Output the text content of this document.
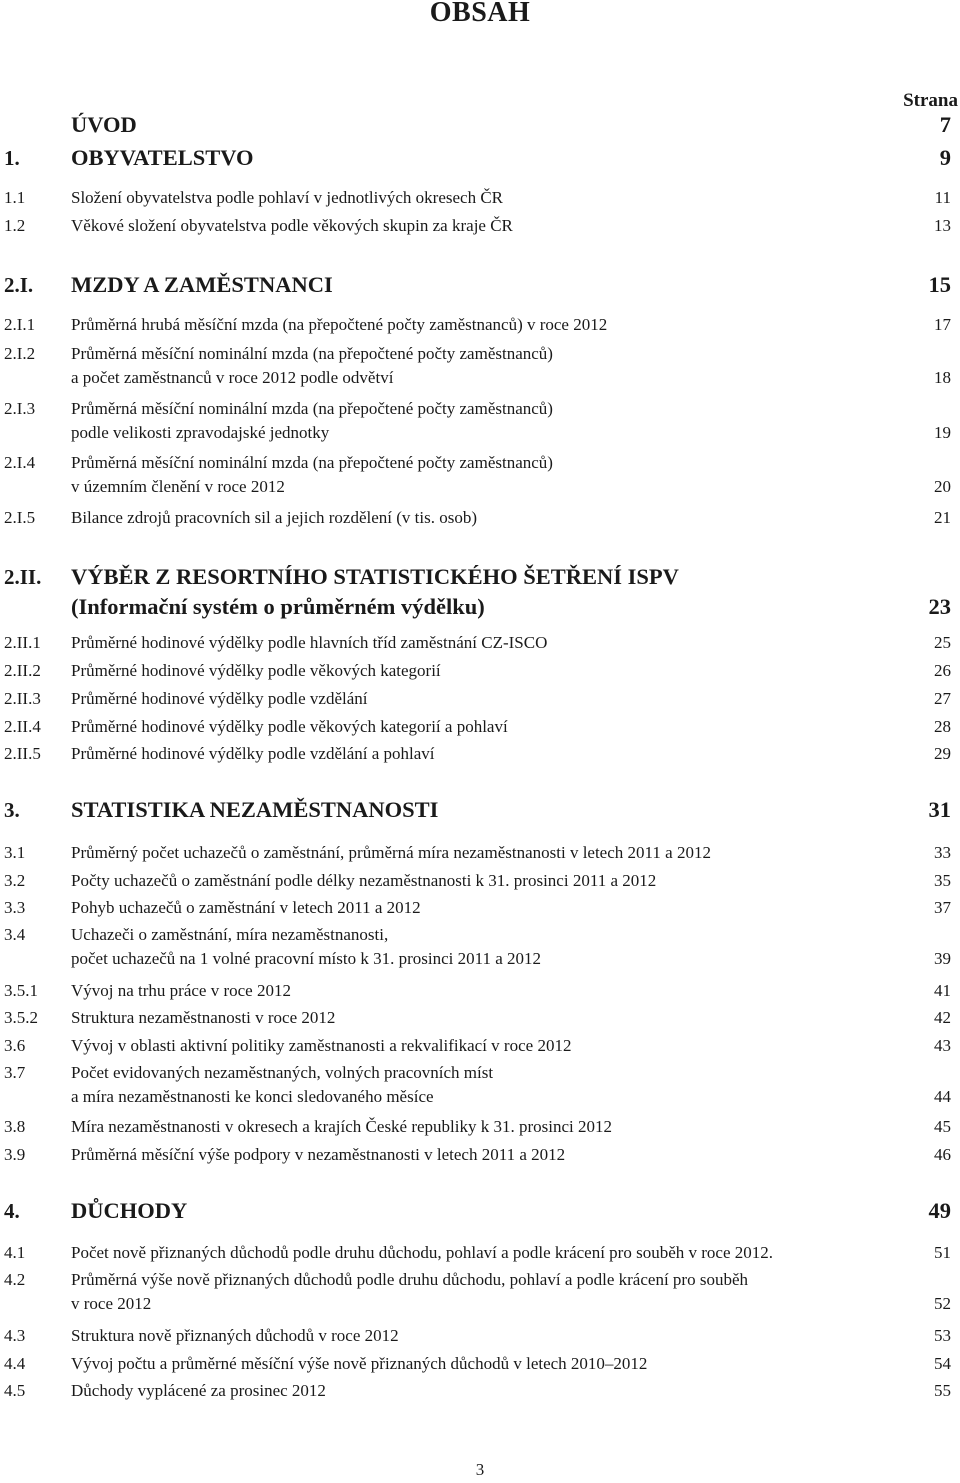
OBSAH
Strana
ÚVOD	7
1. OBYVATELSTVO	9
1.1	Složení obyvatelstva podle pohlaví v jednotlivých okresech ČR	11
1.2	Věkové složení obyvatelstva podle věkových skupin za kraje ČR	13
2.I. MZDY A ZAMĚSTNANCI	15
2.I.1 Průměrná hrubá měsíční mzda (na přepočtené počty zaměstnanců) v roce 2012	17
2.I.2 Průměrná měsíční nominální mzda (na přepočtené počty zaměstnanců)
a počet zaměstnanců v roce 2012 podle odvětví	18
2.I.3 Průměrná měsíční nominální mzda (na přepočtené počty zaměstnanců)
podle velikosti zpravodajské jednotky	19
2.I.4 Průměrná měsíční nominální mzda (na přepočtené počty zaměstnanců)
v územním členění v roce 2012	20
2.I.5 Bilance zdrojů pracovních sil a jejich rozdělení (v tis. osob)	21
2.II. VÝBĚR Z RESORTNÍHO STATISTICKÉHO ŠETŘENÍ ISPV
(Informační systém o průměrném výdělku)	23
2.II.1 Průměrné hodinové výdělky podle hlavních tříd zaměstnání CZ-ISCO	25
2.II.2 Průměrné hodinové výdělky podle věkových kategorií	26
2.II.3 Průměrné hodinové výdělky podle vzdělání	27
2.II.4 Průměrné hodinové výdělky podle věkových kategorií a pohlaví	28
2.II.5 Průměrné hodinové výdělky podle vzdělání a pohlaví	29
3. STATISTIKA NEZAMĚSTNANOSTI	31
3.1	Průměrný počet uchazečů o zaměstnání, průměrná míra nezaměstnanosti v letech 2011 a 2012	33
3.2	Počty uchazečů o zaměstnání podle délky nezaměstnanosti k 31. prosinci 2011 a 2012	35
3.3	Pohyb uchazečů o zaměstnání v letech 2011 a 2012	37
3.4	Uchazeči o zaměstnání, míra nezaměstnanosti,
počet uchazečů na 1 volné pracovní místo k 31. prosinci 2011 a 2012	39
3.5.1 Vývoj na trhu práce v roce 2012	41
3.5.2 Struktura nezaměstnanosti v roce 2012	42
3.6	Vývoj v oblasti aktivní politiky zaměstnanosti a rekvalifikací v roce 2012	43
3.7	Počet evidovaných nezaměstnaných, volných pracovních míst
a míra nezaměstnanosti ke konci sledovaného měsíce	44
3.8	Míra nezaměstnanosti v okresech a krajích České republiky k 31. prosinci 2012	45
3.9	Průměrná měsíční výše podpory v nezaměstnanosti v letech 2011 a 2012	46
4. DŮCHODY	49
4.1	Počet nově přiznaných důchodů podle druhu důchodu, pohlaví a podle krácení pro souběh v roce 2012.	51
4.2	Průměrná výše nově přiznaných důchodů podle druhu důchodu, pohlaví a podle krácení pro souběh
v roce 2012	52
4.3	Struktura nově přiznaných důchodů v roce 2012	53
4.4	Vývoj počtu a průměrné měsíční výše nově přiznaných důchodů v letech 2010–2012	54
4.5	Důchody vyplácené za prosinec 2012	55
3
